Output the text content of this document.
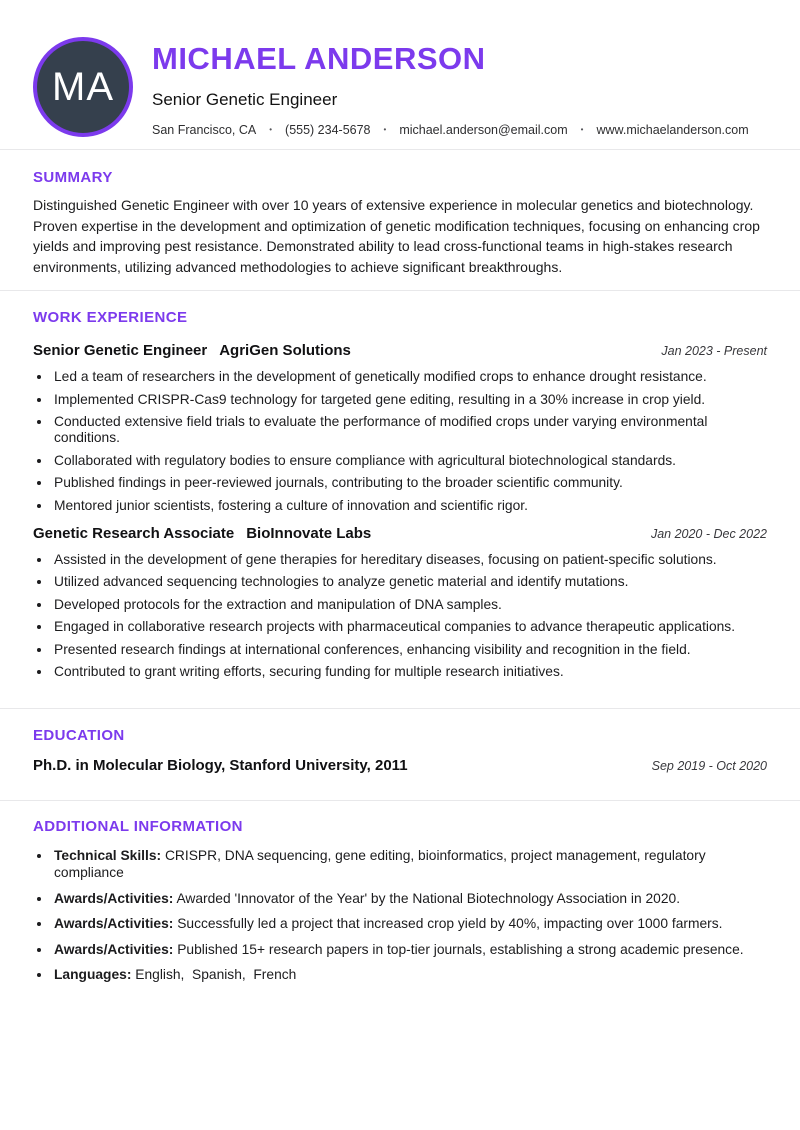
MA
MICHAEL ANDERSON
Senior Genetic Engineer
San Francisco, CA • (555) 234-5678 • michael.anderson@email.com • www.michaelanderson.com
SUMMARY

Distinguished Genetic Engineer with over 10 years of extensive experience in molecular genetics and biotechnology. Proven expertise in the development and optimization of genetic modification techniques, focusing on enhancing crop yields and improving pest resistance. Demonstrated ability to lead cross-functional teams in high-stakes research environments, utilizing advanced methodologies to achieve significant breakthroughs.

WORK EXPERIENCE
Senior Genetic Engineer AgriGen Solutions	Jan 2023 - Present
• Led a team of researchers in the development of genetically modified crops to enhance drought resistance.
• Implemented CRISPR-Cas9 technology for targeted gene editing, resulting in a 30% increase in crop yield.
• Conducted extensive field trials to evaluate the performance of modified crops under varying environmental conditions.
• Collaborated with regulatory bodies to ensure compliance with agricultural biotechnological standards.
• Published findings in peer-reviewed journals, contributing to the broader scientific community.
• Mentored junior scientists, fostering a culture of innovation and scientific rigor.
Genetic Research Associate BioInnovate Labs	Jan 2020 - Dec 2022
• Assisted in the development of gene therapies for hereditary diseases, focusing on patient-specific solutions.
• Utilized advanced sequencing technologies to analyze genetic material and identify mutations.
• Developed protocols for the extraction and manipulation of DNA samples.
• Engaged in collaborative research projects with pharmaceutical companies to advance therapeutic applications.
• Presented research findings at international conferences, enhancing visibility and recognition in the field.
• Contributed to grant writing efforts, securing funding for multiple research initiatives.
EDUCATION
Ph.D. in Molecular Biology, Stanford University, 2011	Sep 2019 - Oct 2020
ADDITIONAL INFORMATION
• Technical Skills: CRISPR, DNA sequencing, gene editing, bioinformatics, project management, regulatory compliance
• Awards/Activities: Awarded 'Innovator of the Year' by the National Biotechnology Association in 2020.
• Awards/Activities: Successfully led a project that increased crop yield by 40%, impacting over 1000 farmers.
• Awards/Activities: Published 15+ research papers in top-tier journals, establishing a strong academic presence.
• Languages: English,  Spanish,  French
